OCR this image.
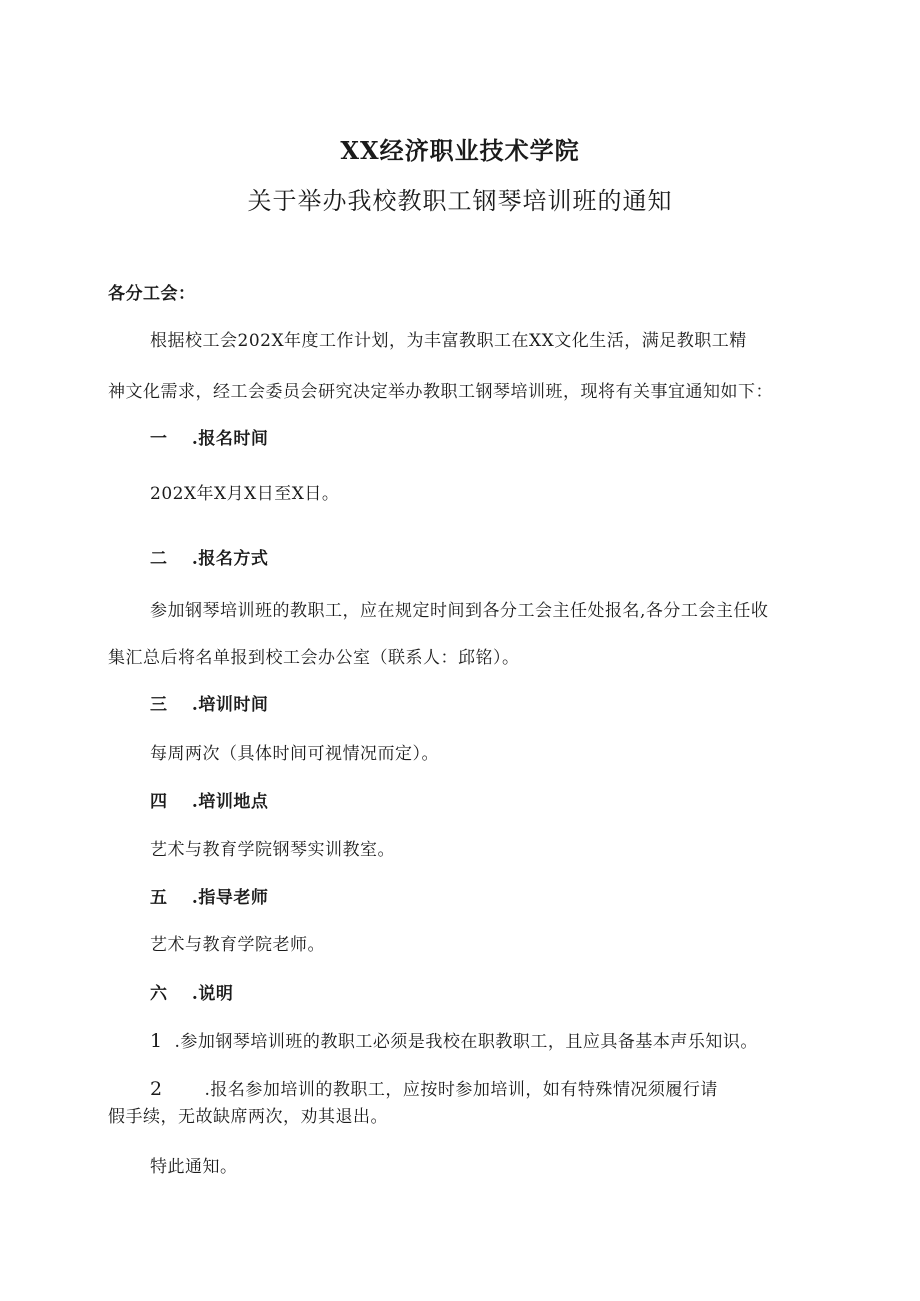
XX经济职业技术学院
关于举办我校教职工钢琴培训班的通知
各分工会：
根据校工会202X年度工作计划，为丰富教职工在XX文化生活，满足教职工精
神文化需求，经工会委员会研究决定举办教职工钢琴培训班，现将有关事宜通知如下：
一 .报名时间
202X年X月X日至X日。
二 .报名方式
参加钢琴培训班的教职工，应在规定时间到各分工会主任处报名,各分工会主任收
集汇总后将名单报到校工会办公室（联系人：邱铭）。
三 .培训时间
每周两次（具体时间可视情况而定）。
四 .培训地点
艺术与教育学院钢琴实训教室。
五 .指导老师
艺术与教育学院老师。
六 .说明
1 .参加钢琴培训班的教职工必须是我校在职教职工，且应具备基本声乐知识。
2 .报名参加培训的教职工，应按时参加培训，如有特殊情况须履行请
假手续，无故缺席两次，劝其退出。
特此通知。
